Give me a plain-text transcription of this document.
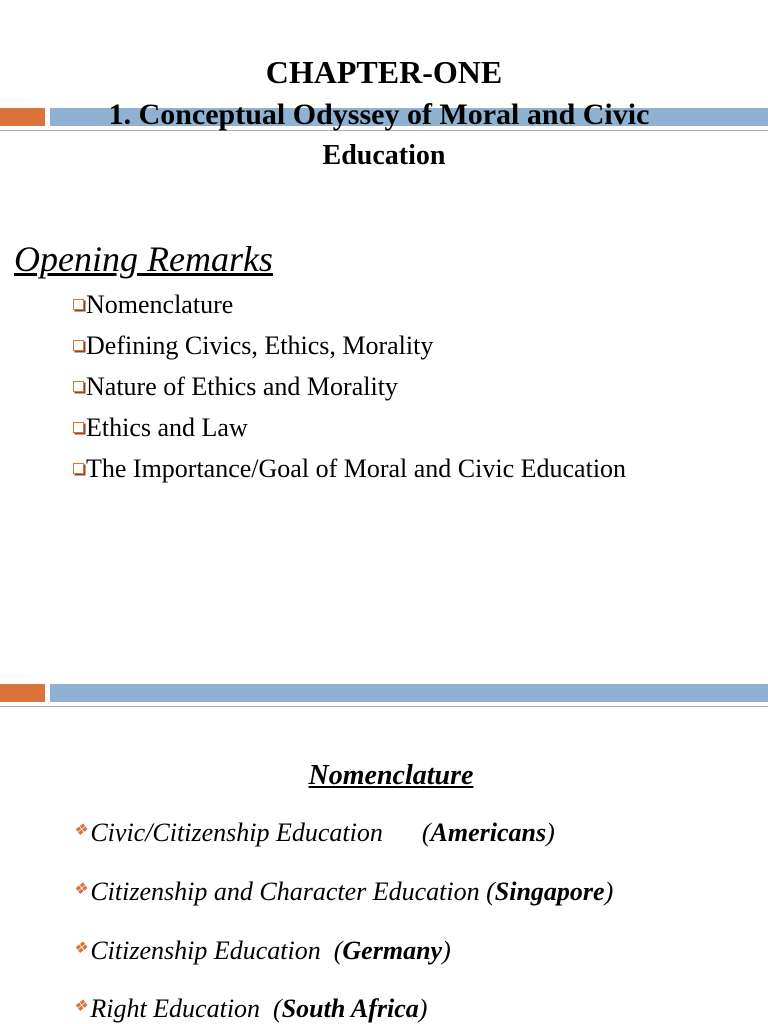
CHAPTER-ONE
1. Conceptual Odyssey of Moral and Civic
Education
Opening Remarks
Nomenclature
Defining Civics, Ethics, Morality
Nature of Ethics and Morality
Ethics and Law
The Importance/Goal of Moral and Civic Education
Nomenclature
❖ Civic/Citizenship Education (Americans)
❖ Citizenship and Character Education (Singapore)
❖ Citizenship Education (Germany)
❖ Right Education (South Africa)
